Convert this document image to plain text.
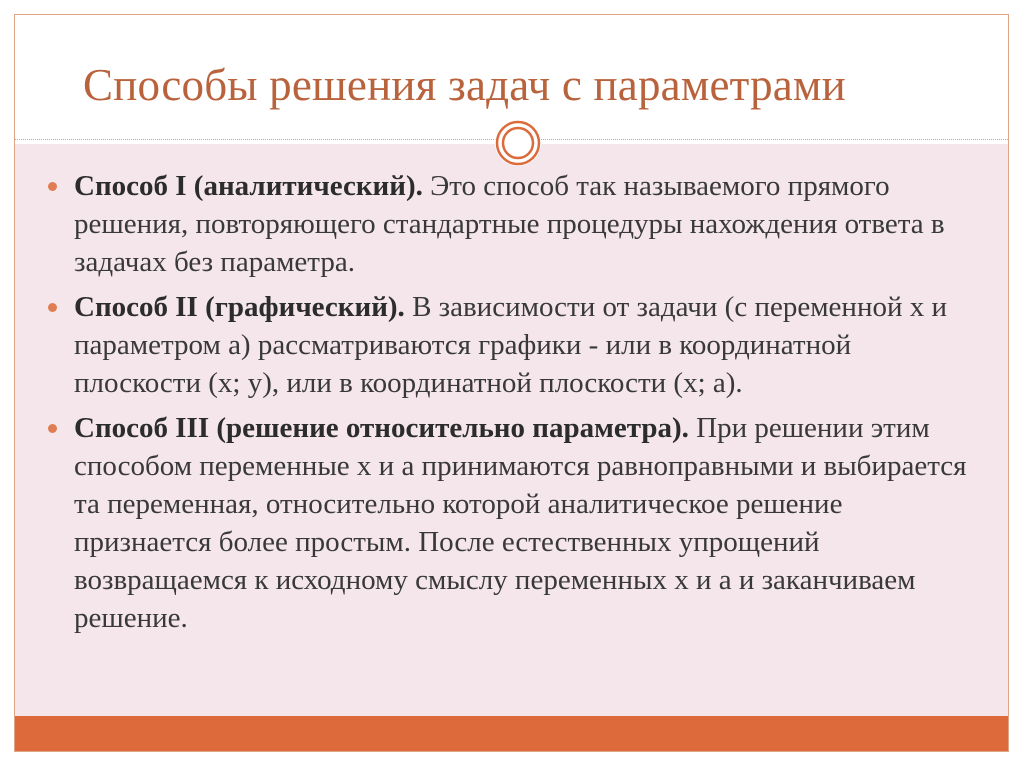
Способы решения задач с параметрами
Способ I (аналитический). Это способ так называемого прямого решения, повторяющего стандартные процедуры нахождения ответа в задачах без параметра.
Способ II (графический). В зависимости от задачи (с переменной х и параметром а) рассматриваются графики - или в координатной плоскости (х; у), или в координатной плоскости (х; а).
Способ III (решение относительно параметра). При решении этим способом переменные х и а принимаются равноправными и выбирается та переменная, относительно которой аналитическое решение признается более простым. После естественных упрощений возвращаемся к исходному смыслу переменных х и а и заканчиваем решение.
